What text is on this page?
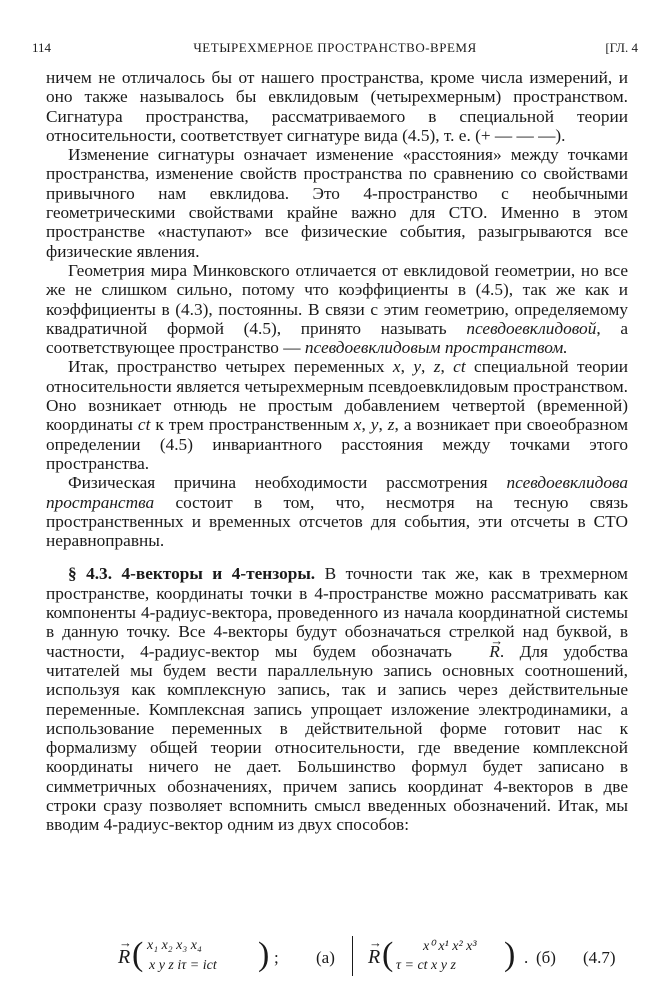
114	ЧЕТЫРЕХМЕРНОЕ ПРОСТРАНСТВО-ВРЕМЯ	[ГЛ. 4

ничем не отличалось бы от нашего пространства, кроме числа измерений, и оно также называлось бы евклидовым (четырехмерным) пространством. Сигнатура пространства, рассматриваемого в специальной теории относительности, соответствует сигнатуре вида (4.5), т. е. (+ — — —).

Изменение сигнатуры означает изменение «расстояния» между точками пространства, изменение свойств пространства по сравнению со свойствами привычного нам евклидова. Это 4-пространство с необычными геометрическими свойствами крайне важно для СТО. Именно в этом пространстве «наступают» все физические события, разыгрываются все физические явления.

Геометрия мира Минковского отличается от евклидовой геометрии, но все же не слишком сильно, потому что коэффициенты в (4.5), так же как и коэффициенты в (4.3), постоянны. В связи с этим геометрию, определяемому квадратичной формой (4.5), принято называть псевдоевклидовой, а соответствующее пространство — псевдоевклидовым пространством.

Итак, пространство четырех переменных x, y, z, ct специальной теории относительности является четырехмерным псевдоевклидовым пространством. Оно возникает отнюдь не простым добавлением четвертой (временной) координаты ct к трем пространственным x, y, z, а возникает при своеобразном определении (4.5) инвариантного расстояния между точками этого пространства.

Физическая причина необходимости рассмотрения псевдоевклидова пространства состоит в том, что, несмотря на тесную связь пространственных и временных отсчетов для события, эти отсчеты в СТО неравноправны.

§ 4.3. 4-векторы и 4-тензоры. В точности так же, как в трехмерном пространстве, координаты точки в 4-пространстве можно рассматривать как компоненты 4-радиус-вектора, проведенного из начала координатной системы в данную точку. Все 4-векторы будут обозначаться стрелкой над буквой, в частности, 4-радиус-вектор мы будем обозначать → R. Для удобства читателей мы будем вести параллельную запись основных соотношений, используя как комплексную запись, так и запись через действительные переменные. Комплексная запись упрощает изложение электродинамики, а использование переменных в действительной форме готовит нас к формализму общей теории относительности, где введение комплексной координаты ничего не дает. Большинство формул будет записано в симметричных обозначениях, причем запись координат 4-векторов в две строки сразу позволяет вспомнить смысл введенных обозначений. Итак, мы вводим 4-радиус-вектор одним из двух способов:

→ R ( x₁ x₂ x₃ x₄
x y z iτ = ict ) ; (а) → R ( x⁰ x¹ x² x³
τ = ct x y z ) . (б) (4.7)
